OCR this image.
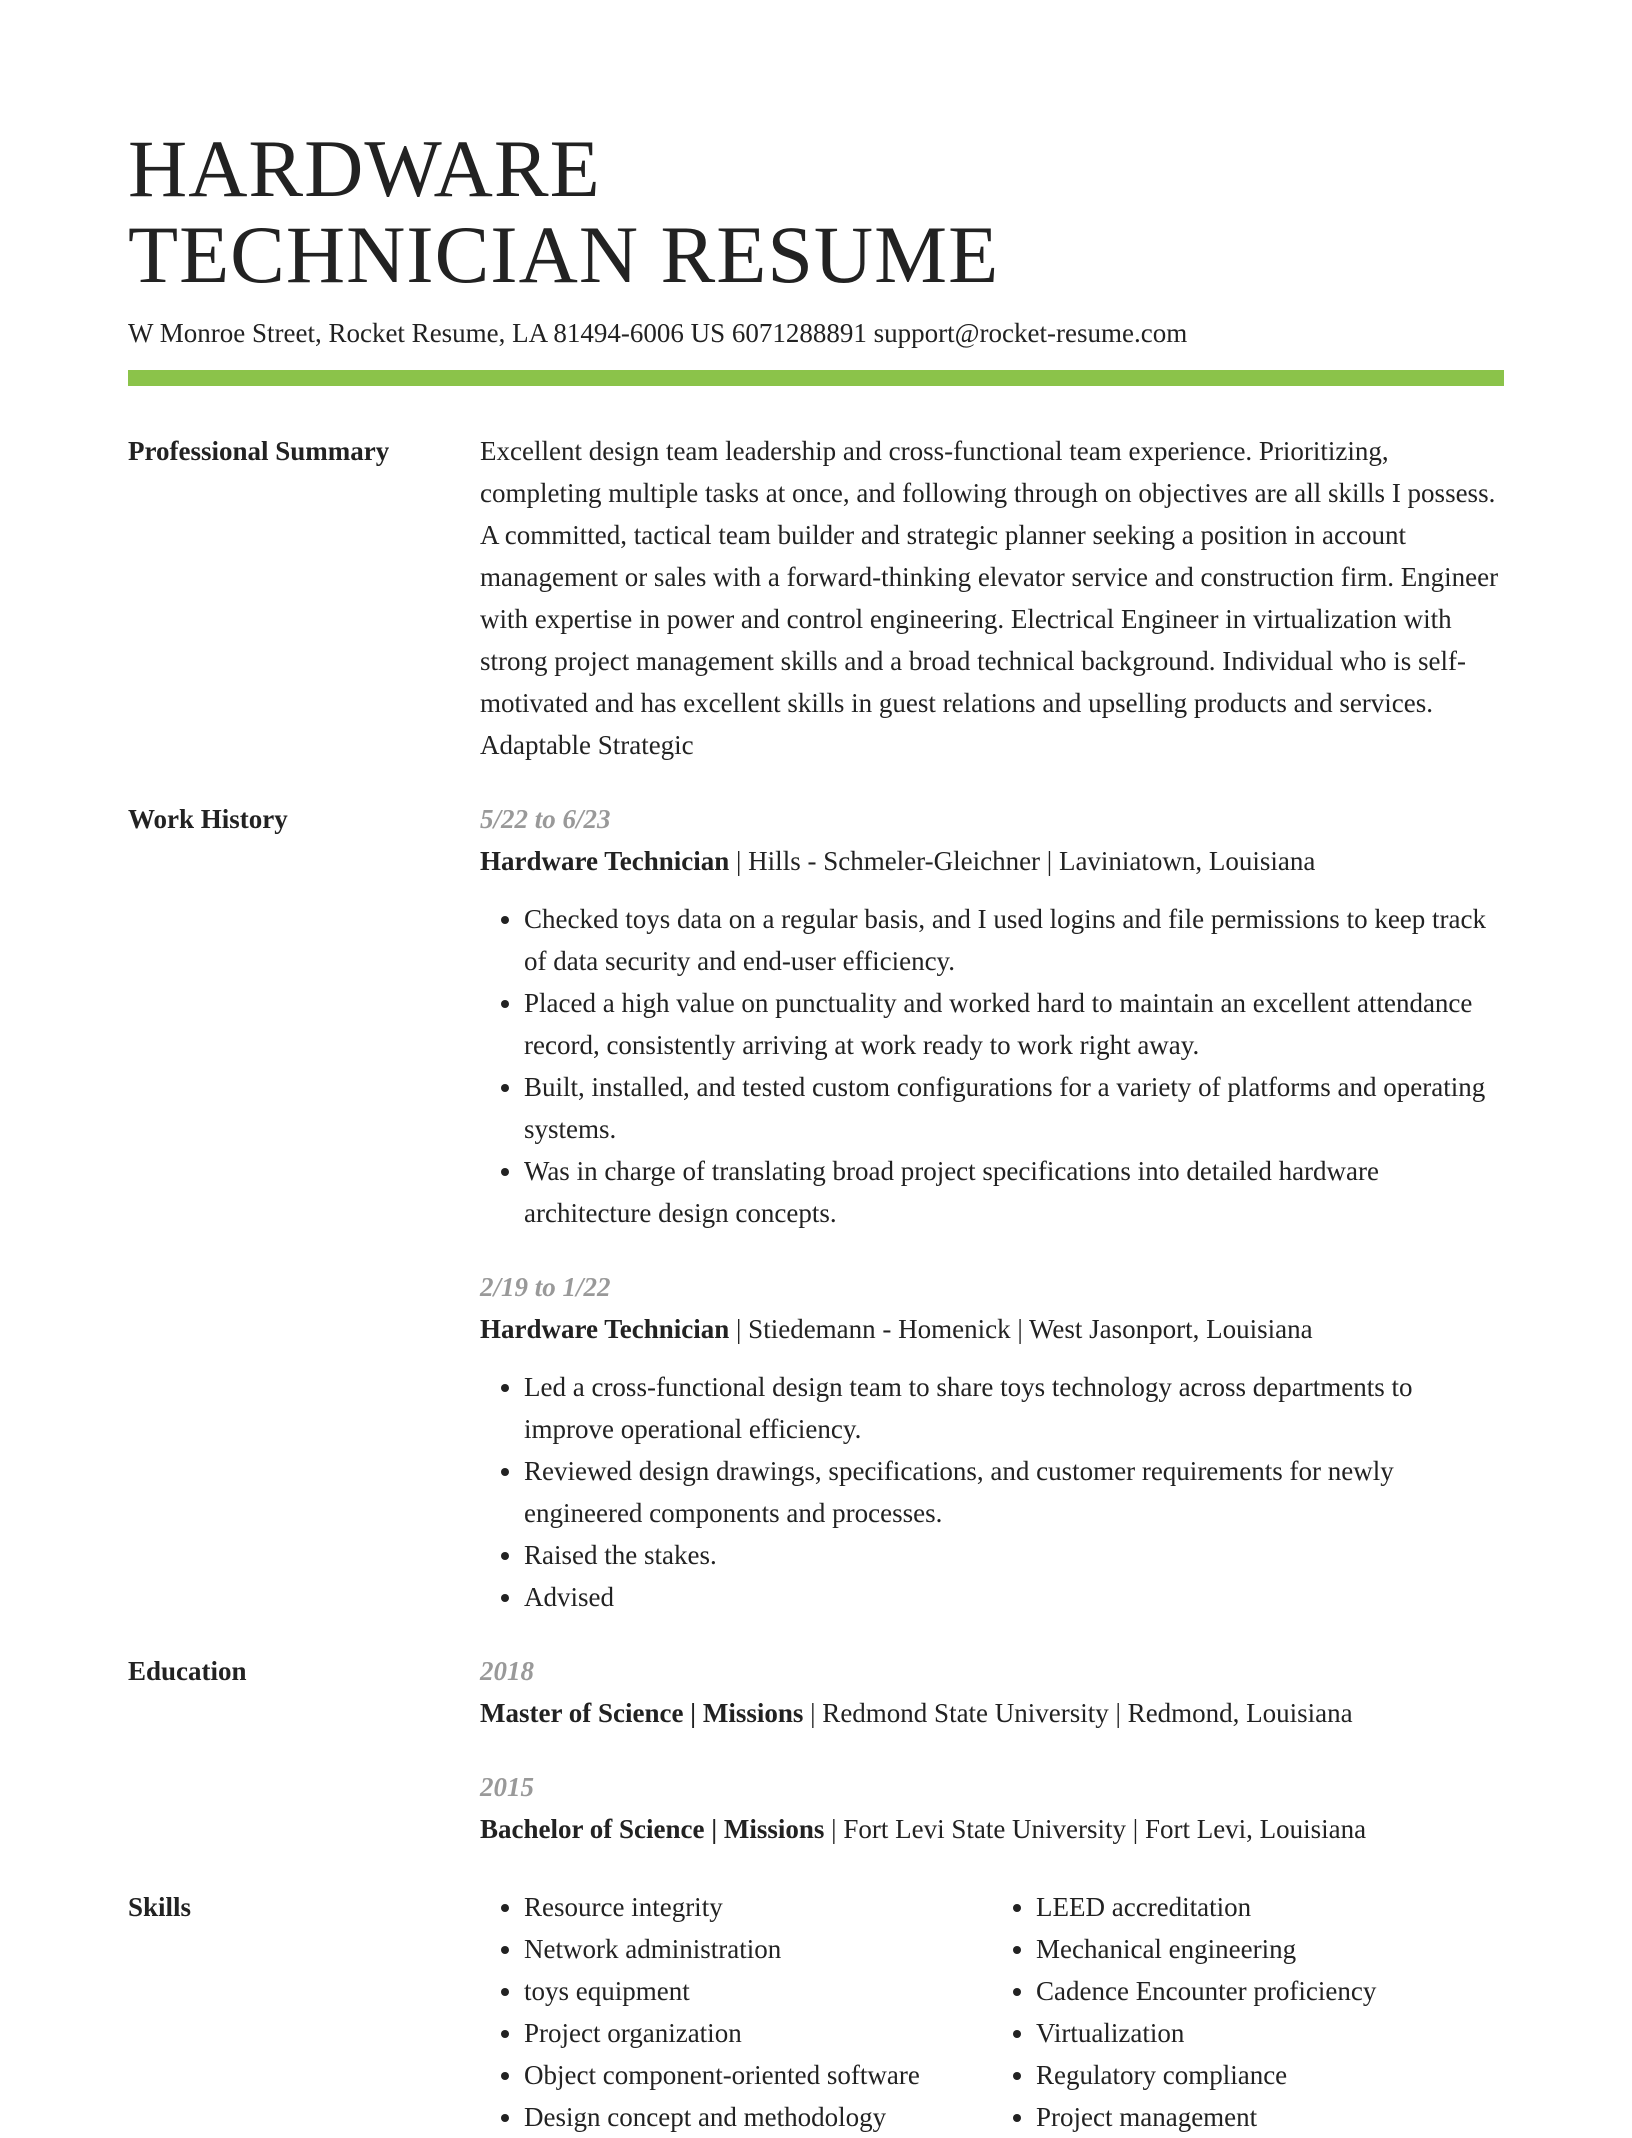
HARDWARE
TECHNICIAN RESUME
W Monroe Street, Rocket Resume, LA 81494-6006 US 6071288891 support@rocket-resume.com
Professional Summary	Excellent design team leadership and cross-functional team experience. Prioritizing, completing multiple tasks at once, and following through on objectives are all skills I possess. A committed, tactical team builder and strategic planner seeking a position in account management or sales with a forward-thinking elevator service and construction firm. Engineer with expertise in power and control engineering. Electrical Engineer in virtualization with strong project management skills and a broad technical background. Individual who is self-motivated and has excellent skills in guest relations and upselling products and services. Adaptable Strategic
Work History	5/22 to 6/23
Hardware Technician | Hills - Schmeler-Gleichner | Laviniatown, Louisiana
• Checked toys data on a regular basis, and I used logins and file permissions to keep track of data security and end-user efficiency.
• Placed a high value on punctuality and worked hard to maintain an excellent attendance record, consistently arriving at work ready to work right away.
• Built, installed, and tested custom configurations for a variety of platforms and operating systems.
• Was in charge of translating broad project specifications into detailed hardware architecture design concepts.
2/19 to 1/22
Hardware Technician | Stiedemann - Homenick | West Jasonport, Louisiana
• Led a cross-functional design team to share toys technology across departments to improve operational efficiency.
• Reviewed design drawings, specifications, and customer requirements for newly engineered components and processes.
• Raised the stakes.
• Advised
Education	2018
Master of Science | Missions | Redmond State University | Redmond, Louisiana
2015
Bachelor of Science | Missions | Fort Levi State University | Fort Levi, Louisiana
Skills
•	Resource integrity
• Network administration
• toys equipment
• Project organization
• Object component-oriented software
• Design concept and methodology
• LEED accreditation
• Mechanical engineering
• Cadence Encounter proficiency
• Virtualization
• Regulatory compliance
• Project management
